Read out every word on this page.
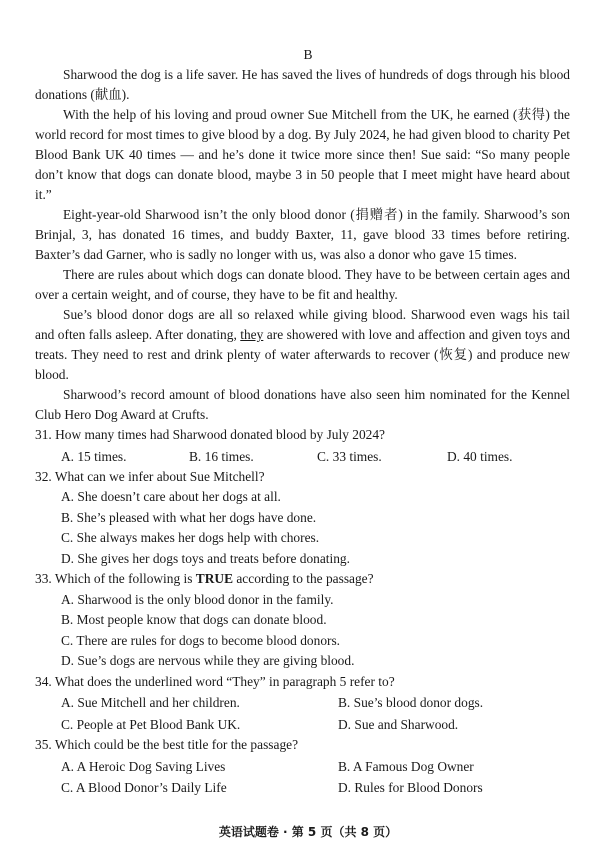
B

Sharwood the dog is a life saver. He has saved the lives of hundreds of dogs through his blood donations (献血).

With the help of his loving and proud owner Sue Mitchell from the UK, he earned (获得) the world record for most times to give blood by a dog. By July 2024, he had given blood to charity Pet Blood Bank UK 40 times — and he’s done it twice more since then! Sue said: “So many people don’t know that dogs can donate blood, maybe 3 in 50 people that I meet might have heard about it.”

Eight-year-old Sharwood isn’t the only blood donor (捐赠者) in the family. Sharwood’s son Brinjal, 3, has donated 16 times, and buddy Baxter, 11, gave blood 33 times before retiring. Baxter’s dad Garner, who is sadly no longer with us, was also a donor who gave 15 times.

There are rules about which dogs can donate blood. They have to be between certain ages and over a certain weight, and of course, they have to be fit and healthy.

Sue’s blood donor dogs are all so relaxed while giving blood. Sharwood even wags his tail and often falls asleep. After donating, they are showered with love and affection and given toys and treats. They need to rest and drink plenty of water afterwards to recover (恢复) and produce new blood.

Sharwood’s record amount of blood donations have also seen him nominated for the Kennel Club Hero Dog Award at Crufts.

31. How many times had Sharwood donated blood by July 2024?
A. 15 times.	B. 16 times.	C. 33 times.	D. 40 times.
32. What can we infer about Sue Mitchell?
A. She doesn’t care about her dogs at all.
B. She’s pleased with what her dogs have done.
C. She always makes her dogs help with chores.
D. She gives her dogs toys and treats before donating.
33. Which of the following is TRUE according to the passage?
A. Sharwood is the only blood donor in the family.
B. Most people know that dogs can donate blood.
C. There are rules for dogs to become blood donors.
D. Sue’s dogs are nervous while they are giving blood.
34. What does the underlined word “They” in paragraph 5 refer to?
A. Sue Mitchell and her children.	B. Sue’s blood donor dogs.
C. People at Pet Blood Bank UK.	D. Sue and Sharwood.
35. Which could be the best title for the passage?
A. A Heroic Dog Saving Lives	B. A Famous Dog Owner
C. A Blood Donor’s Daily Life	D. Rules for Blood Donors
英语试题卷 · 第 5 页（共 8 页）
